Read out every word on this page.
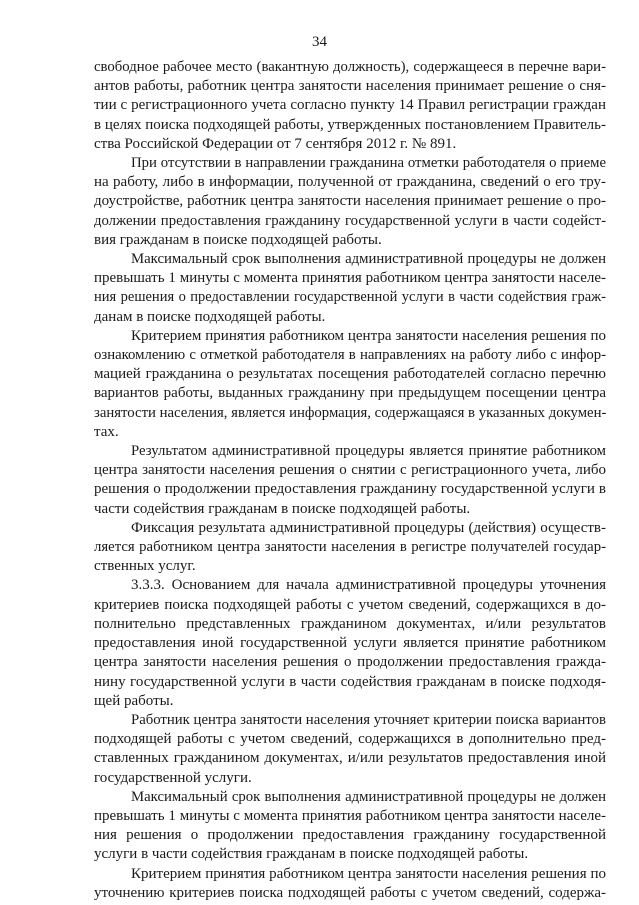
34
свободное рабочее место (вакантную должность), содержащееся в перечне вари-
антов работы, работник центра занятости населения принимает решение о сня-
тии с регистрационного учета согласно пункту 14 Правил регистрации граждан
в целях поиска подходящей работы, утвержденных постановлением Правитель-
ства Российской Федерации от 7 сентября 2012 г. № 891.
При отсутствии в направлении гражданина отметки работодателя о приеме
на работу, либо в информации, полученной от гражданина, сведений о его тру-
доустройстве, работник центра занятости населения принимает решение о про-
должении предоставления гражданину государственной услуги в части содейст-
вия гражданам в поиске подходящей работы.
Максимальный срок выполнения административной процедуры не должен
превышать 1 минуты с момента принятия работником центра занятости населе-
ния решения о предоставлении государственной услуги в части содействия граж-
данам в поиске подходящей работы.
Критерием принятия работником центра занятости населения решения по
ознакомлению с отметкой работодателя в направлениях на работу либо с инфор-
мацией гражданина о результатах посещения работодателей согласно перечню
вариантов работы, выданных гражданину при предыдущем посещении центра
занятости населения, является информация, содержащаяся в указанных докумен-
тах.
Результатом административной процедуры является принятие работником
центра занятости населения решения о снятии с регистрационного учета, либо
решения о продолжении предоставления гражданину государственной услуги в
части содействия гражданам в поиске подходящей работы.
Фиксация результата административной процедуры (действия) осуществ-
ляется работником центра занятости населения в регистре получателей государ-
ственных услуг.
3.3.3. Основанием для начала административной процедуры уточнения
критериев поиска подходящей работы с учетом сведений, содержащихся в до-
полнительно представленных гражданином документах, и/или результатов
предоставления иной государственной услуги является принятие работником
центра занятости населения решения о продолжении предоставления гражда-
нину государственной услуги в части содействия гражданам в поиске подходя-
щей работы.
Работник центра занятости населения уточняет критерии поиска вариантов
подходящей работы с учетом сведений, содержащихся в дополнительно пред-
ставленных гражданином документах, и/или результатов предоставления иной
государственной услуги.
Максимальный срок выполнения административной процедуры не должен
превышать 1 минуты с момента принятия работником центра занятости населе-
ния решения о продолжении предоставления гражданину государственной
услуги в части содействия гражданам в поиске подходящей работы.
Критерием принятия работником центра занятости населения решения по
уточнению критериев поиска подходящей работы с учетом сведений, содержа-
